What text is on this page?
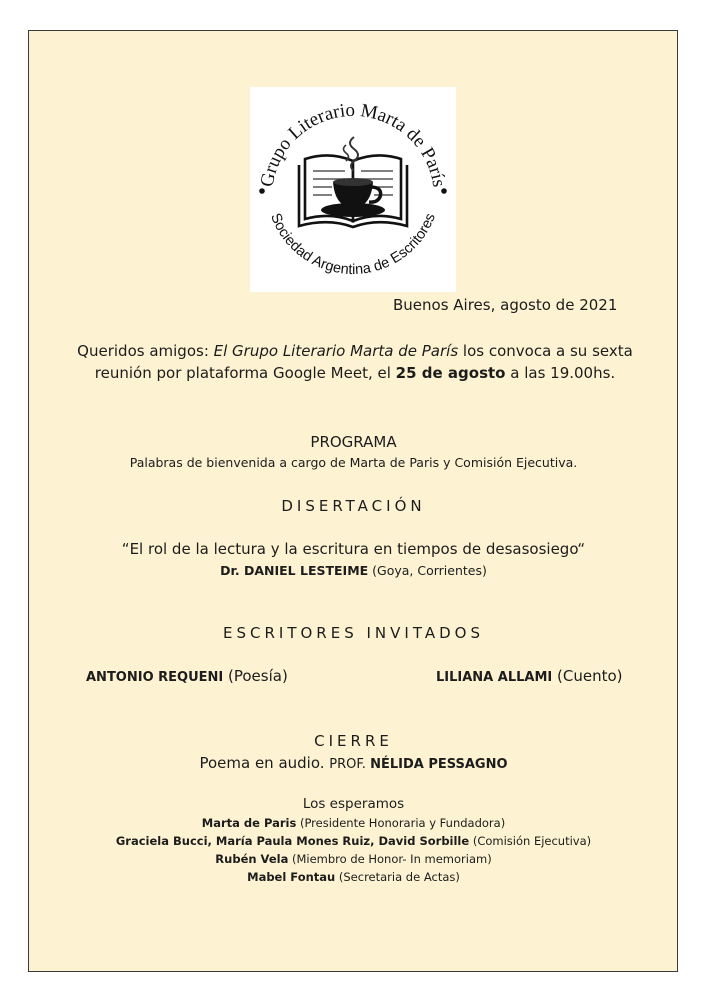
Grupo Literario Marta de París
Sociedad Argentina de Escritores
Buenos Aires, agosto de 2021
Queridos amigos: El Grupo Literario Marta de París los convoca a su sexta reunión por plataforma Google Meet, el 25 de agosto a las 19.00hs.
PROGRAMA
Palabras de bienvenida a cargo de Marta de Paris y Comisión Ejecutiva.
DISERTACIÓN
“El rol de la lectura y la escritura en tiempos de desasosiego“
Dr. DANIEL LESTEIME (Goya, Corrientes)
ESCRITORES INVITADOS
ANTONIO REQUENI (Poesía)	LILIANA ALLAMI (Cuento)
CIERRE
Poema en audio. PROF. NÉLIDA PESSAGNO
Los esperamos
Marta de Paris (Presidente Honoraria y Fundadora)
Graciela Bucci, María Paula Mones Ruiz, David Sorbille (Comisión Ejecutiva)
Rubén Vela (Miembro de Honor- In memoriam)
Mabel Fontau (Secretaria de Actas)
